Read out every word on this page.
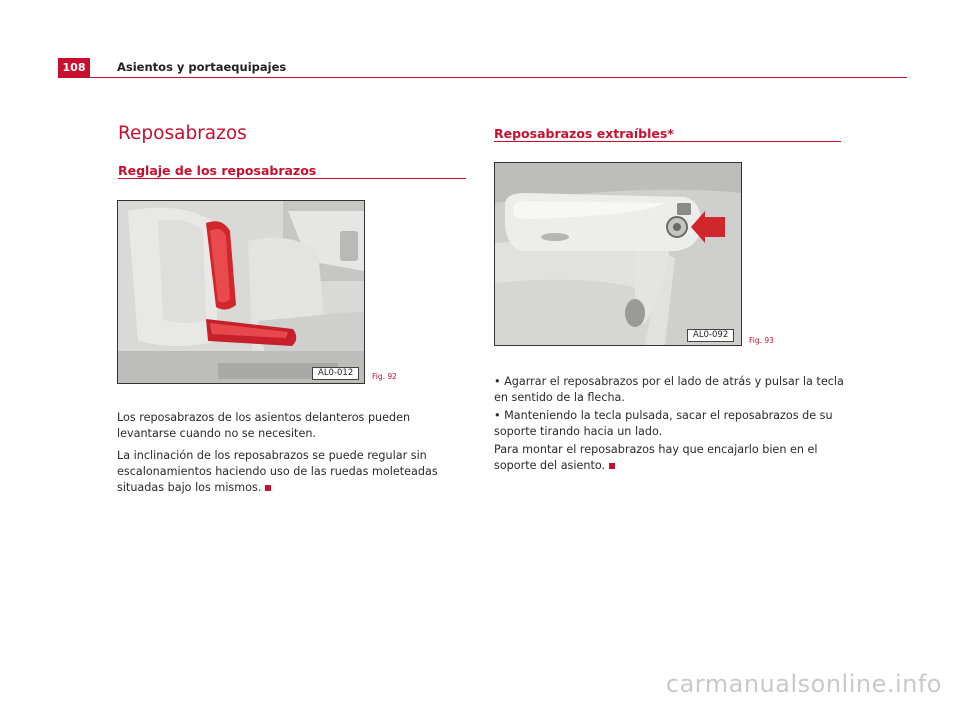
108	Asientos y portaequipajes
Reposabrazos
Reglaje de los reposabrazos
AL0-012	Fig. 92

Los reposabrazos de los asientos delanteros pueden levantarse cuando no se necesiten.

La inclinación de los reposabrazos se puede regular sin escalonamientos haciendo uso de las ruedas moleteadas situadas bajo los mismos.

Reposabrazos extraíbles*
AL0-092
Fig. 93

• Agarrar el reposabrazos por el lado de atrás y pulsar la tecla en sentido de la flecha.

• Manteniendo la tecla pulsada, sacar el reposabrazos de su soporte tirando hacia un lado.

Para montar el reposabrazos hay que encajarlo bien en el soporte del asiento.

carmanualsonline.info
